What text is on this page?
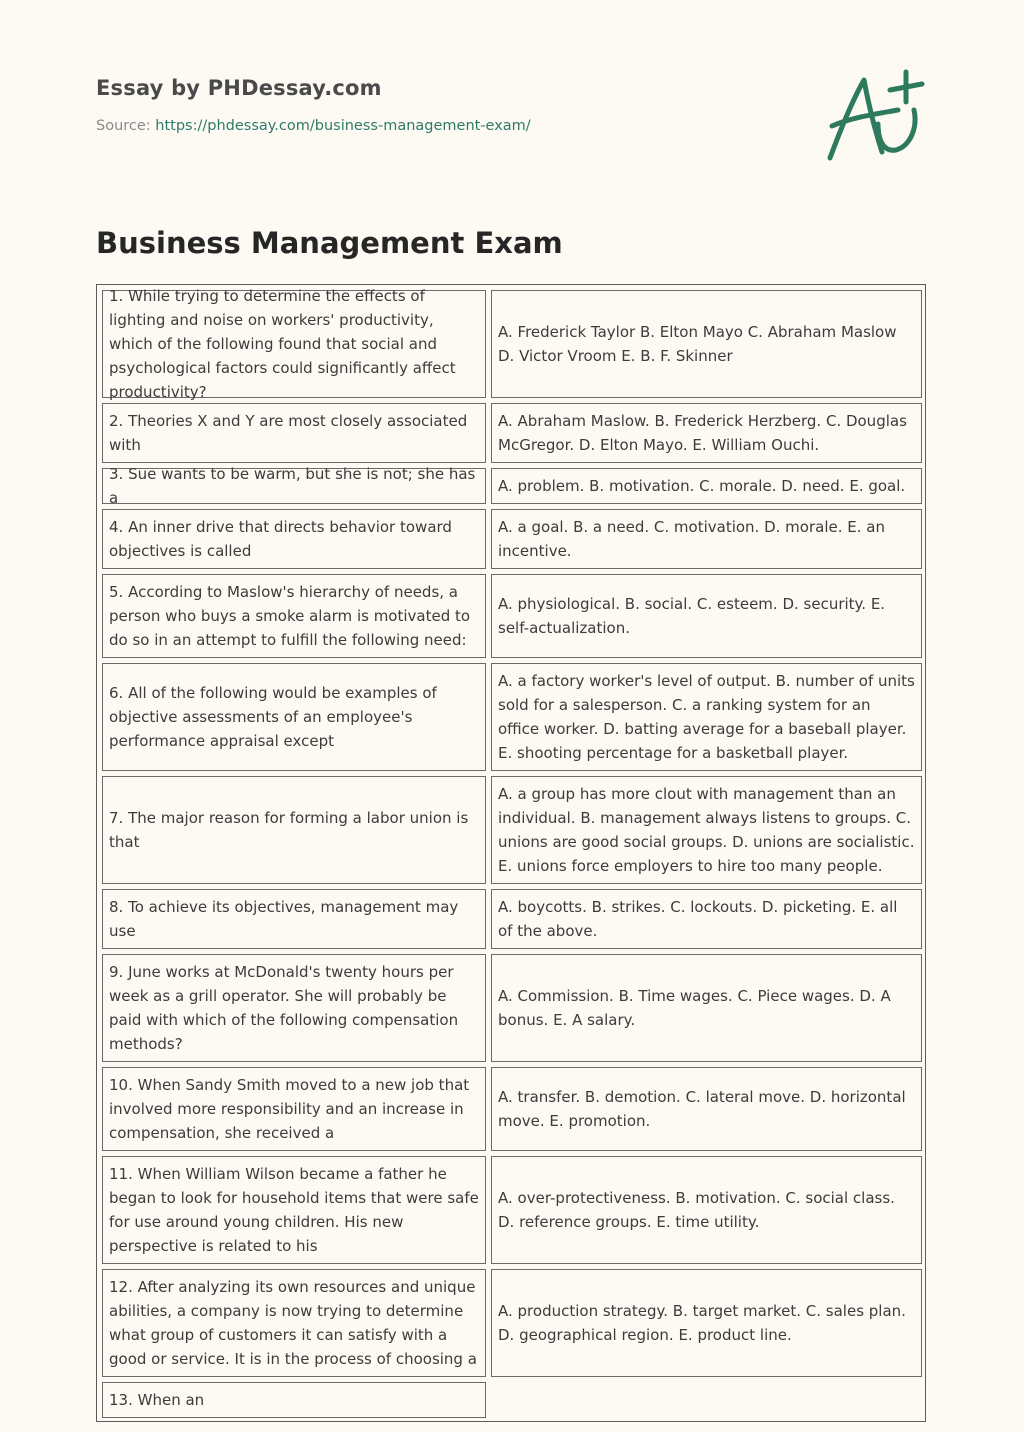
Essay by PHDessay.com
Source: https://phdessay.com/business-management-exam/
Business Management Exam
1. While trying to determine the effects of lighting and noise on workers' productivity, which of the following found that social and psychological factors could significantly affect productivity?
A. Frederick Taylor B. Elton Mayo C. Abraham Maslow D. Victor Vroom E. B. F. Skinner
2. Theories X and Y are most closely associated with
A. Abraham Maslow. B. Frederick Herzberg. C. Douglas McGregor. D. Elton Mayo. E. William Ouchi.
3. Sue wants to be warm, but she is not; she has a
A. problem. B. motivation. C. morale. D. need. E. goal.
4. An inner drive that directs behavior toward objectives is called
A. a goal. B. a need. C. motivation. D. morale. E. an incentive.
5. According to Maslow's hierarchy of needs, a person who buys a smoke alarm is motivated to do so in an attempt to fulfill the following need:
A. physiological. B. social. C. esteem. D. security. E. self-actualization.
6. All of the following would be examples of objective assessments of an employee's performance appraisal except
A. a factory worker's level of output. B. number of units sold for a salesperson. C. a ranking system for an office worker. D. batting average for a baseball player. E. shooting percentage for a basketball player.
7. The major reason for forming a labor union is that
A. a group has more clout with management than an individual. B. management always listens to groups. C. unions are good social groups. D. unions are socialistic. E. unions force employers to hire too many people.
8. To achieve its objectives, management may use
A. boycotts. B. strikes. C. lockouts. D. picketing. E. all of the above.
9. June works at McDonald's twenty hours per week as a grill operator. She will probably be paid with which of the following compensation methods?
A. Commission. B. Time wages. C. Piece wages. D. A bonus. E. A salary.
10. When Sandy Smith moved to a new job that involved more responsibility and an increase in compensation, she received a
A. transfer. B. demotion. C. lateral move. D. horizontal move. E. promotion.
11. When William Wilson became a father he began to look for household items that were safe for use around young children. His new perspective is related to his
A. over-protectiveness. B. motivation. C. social class. D. reference groups. E. time utility.
12. After analyzing its own resources and unique abilities, a company is now trying to determine what group of customers it can satisfy with a good or service. It is in the process of choosing a
A. production strategy. B. target market. C. sales plan. D. geographical region. E. product line.
13. When an
